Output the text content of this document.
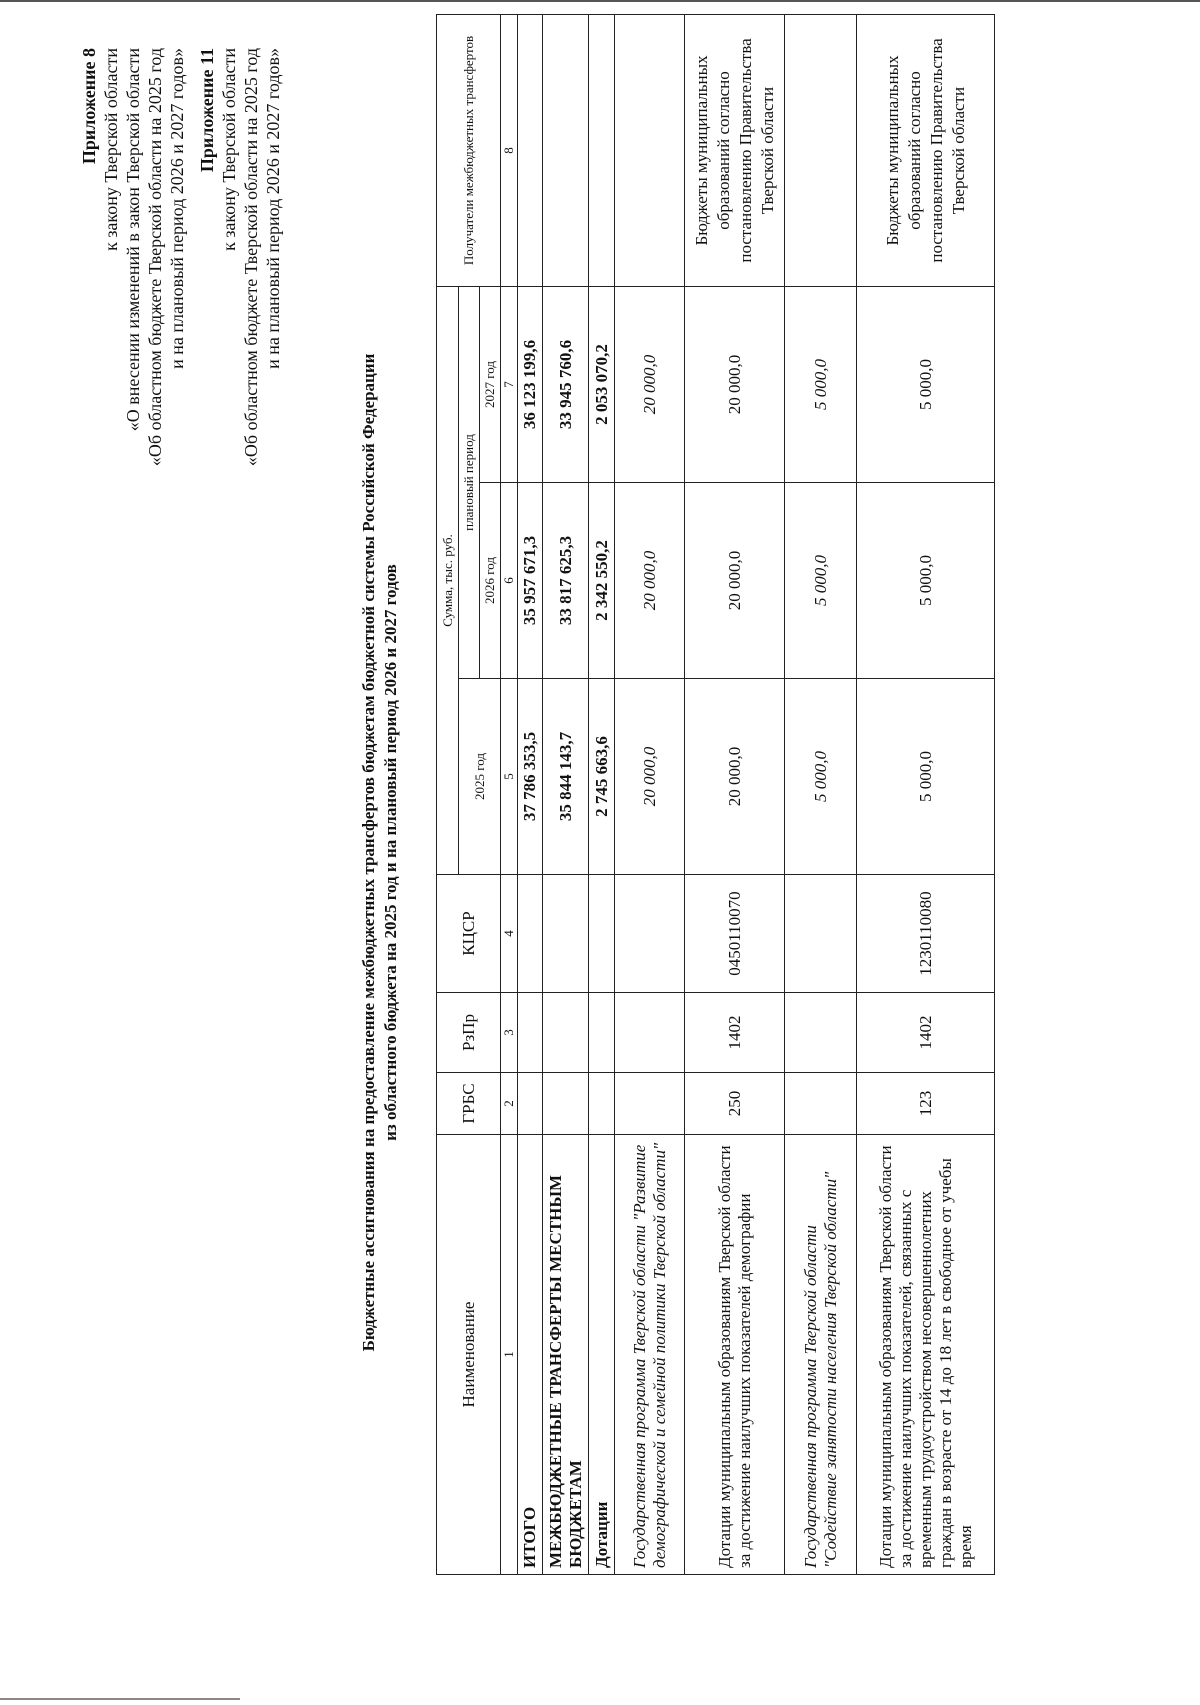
Приложение 8 к закону Тверской области «О внесении изменений в закон Тверской области «Об областном бюджете Тверской области на 2025 год и на плановый период 2026 и 2027 годов» Приложение 11 к закону Тверской области «Об областном бюджете Тверской области на 2025 год и на плановый период 2026 и 2027 годов»
Бюджетные ассигнования на предоставление межбюджетных трансфертов бюджетам бюджетной системы Российской Федерации из областного бюджета на 2025 год и на плановый период 2026 и 2027 годов
Наименование	ГРБС	РзПр	КЦСР	Сумма, тыс. руб.			Получатели межбюджетных трансфертов
				2025 год	плановый период		
					2026 год	2027 год	
1	2	3	4	5	6	7	8
ИТОГО				37 786 353,5	35 957 671,3	36 123 199,6	
МЕЖБЮДЖЕТНЫЕ ТРАНСФЕРТЫ МЕСТНЫМ БЮДЖЕТАМ				35 844 143,7	33 817 625,3	33 945 760,6	
Дотации				2 745 663,6	2 342 550,2	2 053 070,2	
Государственная программа Тверской области "Развитие демографической и семейной политики Тверской области"				20 000,0	20 000,0	20 000,0	
Дотации муниципальным образованиям Тверской области за достижение наилучших показателей демографии	250	1402	0450110070	20 000,0	20 000,0	20 000,0	Бюджеты муниципальных образований согласно постановлению Правительства Тверской области
Государственная программа Тверской области "Содействие занятости населения Тверской области"				5 000,0	5 000,0	5 000,0	
Дотации муниципальным образованиям Тверской области за достижение наилучших показателей, связанных с временным трудоустройством несовершеннолетних граждан в возрасте от 14 до 18 лет в свободное от учебы время	123	1402	1230110080	5 000,0	5 000,0	5 000,0	Бюджеты муниципальных образований согласно постановлению Правительства Тверской области
